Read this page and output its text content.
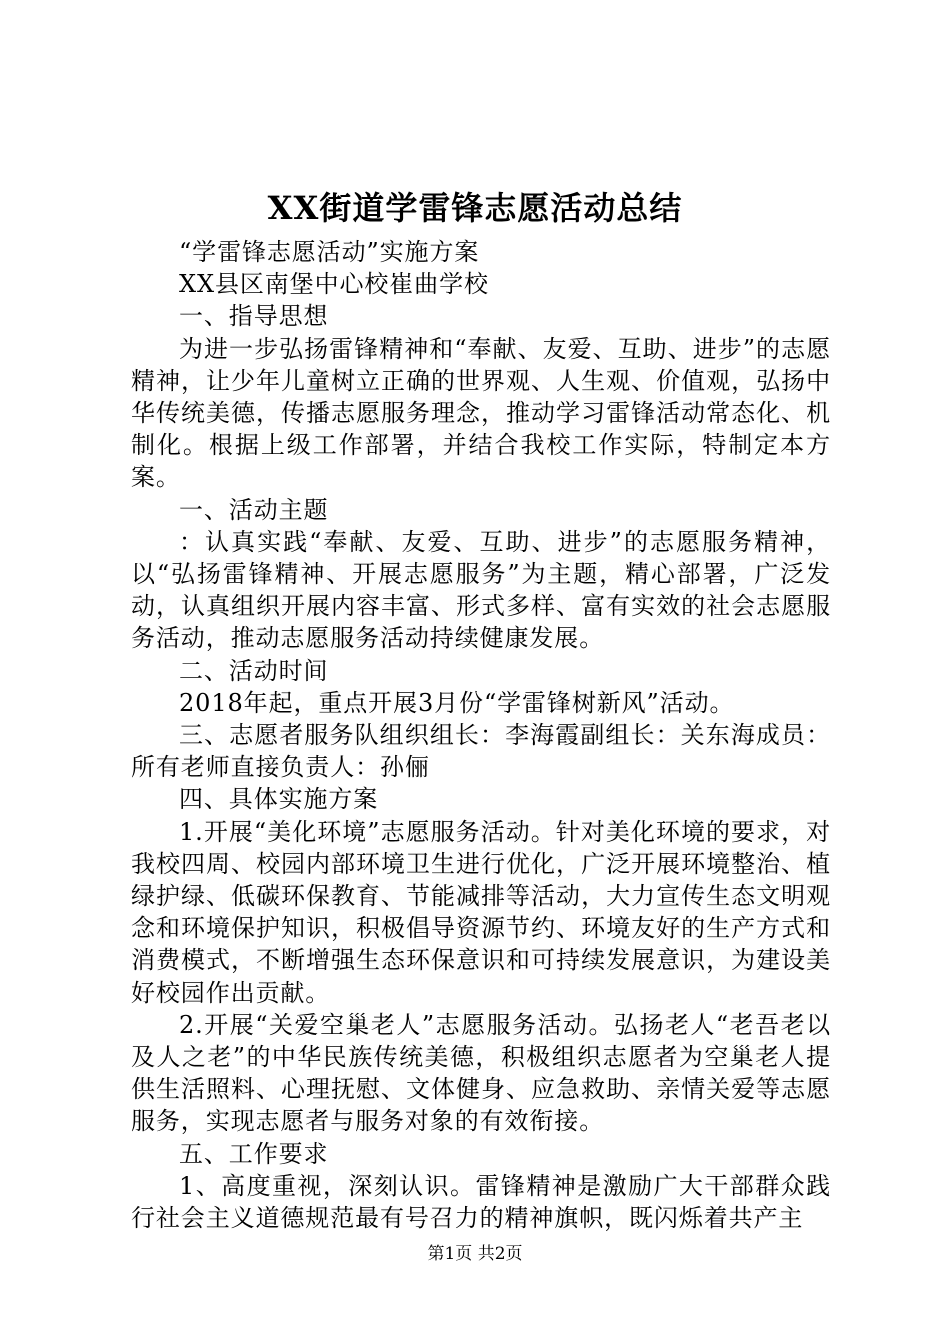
XX街道学雷锋志愿活动总结

“学雷锋志愿活动”实施方案

XX县区南堡中心校崔曲学校

一、指导思想

为进一步弘扬雷锋精神和“奉献、友爱、互助、进步”的志愿精神，让少年儿童树立正确的世界观、人生观、价值观，弘扬中华传统美德，传播志愿服务理念，推动学习雷锋活动常态化、机制化。根据上级工作部署，并结合我校工作实际，特制定本方案。

一、活动主题

：认真实践“奉献、友爱、互助、进步”的志愿服务精神，以“弘扬雷锋精神、开展志愿服务”为主题，精心部署，广泛发动，认真组织开展内容丰富、形式多样、富有实效的社会志愿服务活动，推动志愿服务活动持续健康发展。

二、活动时间

2018年起，重点开展3月份“学雷锋树新风”活动。

三、志愿者服务队组织组长：李海霞副组长：关东海成员：所有老师直接负责人：孙俪

四、具体实施方案

1.开展“美化环境”志愿服务活动。针对美化环境的要求，对我校四周、校园内部环境卫生进行优化，广泛开展环境整治、植绿护绿、低碳环保教育、节能减排等活动，大力宣传生态文明观念和环境保护知识，积极倡导资源节约、环境友好的生产方式和消费模式，不断增强生态环保意识和可持续发展意识，为建设美好校园作出贡献。

2.开展“关爱空巢老人”志愿服务活动。弘扬老人“老吾老以及人之老”的中华民族传统美德，积极组织志愿者为空巢老人提供生活照料、心理抚慰、文体健身、应急救助、亲情关爱等志愿服务，实现志愿者与服务对象的有效衔接。

五、工作要求

1、高度重视，深刻认识。雷锋精神是激励广大干部群众践行社会主义道德规范最有号召力的精神旗帜，既闪烁着共产主

第1页 共2页
